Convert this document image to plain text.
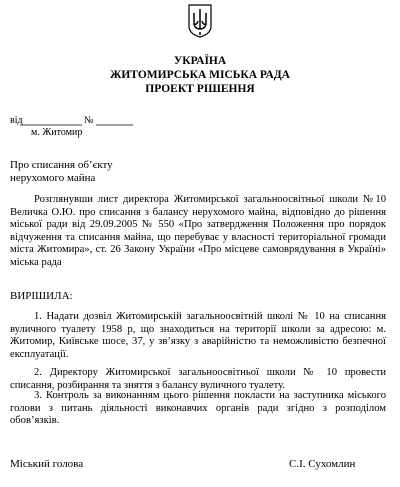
УКРАЇНА
ЖИТОМИРСЬКА МІСЬКА РАДА
ПРОЕКТ РІШЕННЯ
від	№
м. Житомир
Про списання об’єкту
нерухомого майна
Розглянувши лист директора Житомирської загальноосвітньої школи №10 Величка О.Ю. про списання з балансу нерухомого майна, відповідно до рішення міської ради від 29.09.2005 № 550 «Про затвердження Положення про порядок відчуження та списання майна, що перебуває у власності територіальної громади міста Житомира», ст. 26 Закону України «Про місцеве самоврядування в Україні» міська рада
ВИРІШИЛА:
1. Надати дозвіл Житомирській загальноосвітній школі № 10 на списання вуличного туалету 1958 р, що знаходиться на території школи за адресою: м. Житомир, Київське шосе, 37, у зв’язку з аварійністю та неможливістю безпечної експлуатації.
2. Директору Житомирської загальноосвітньої школи № 10 провести списання, розбирання та зняття з балансу вуличного туалету.
3. Контроль за виконанням цього рішення покласти на заступника міського голови з питань діяльності виконавчих органів ради згідно з розподілом обов’язків.
Міський голова	С.І. Сухомлин
